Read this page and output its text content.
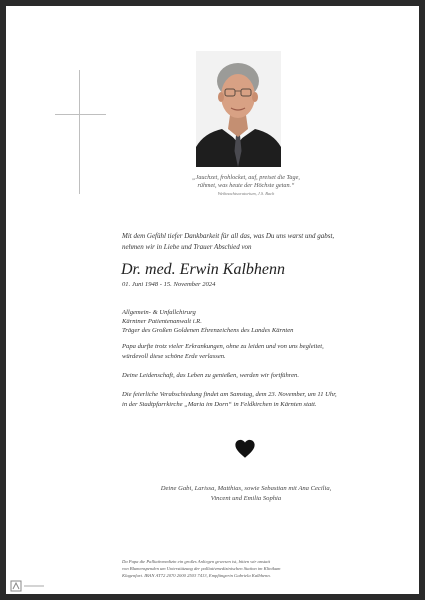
„Jauchzet, frohlocket, auf, preiset die Tage,
rühmet, was heute der Höchste getan.“
Weihnachtsoratorium, J.S. Bach
Mit dem Gefühl tiefer Dankbarkeit für all das, was Du uns warst und gabst,
nehmen wir in Liebe und Trauer Abschied von
Dr. med. Erwin Kalbhenn
01. Juni 1948 - 15. November 2024
Allgemein- & Unfallchirurg
Kärntner Patientenanwalt i.R.
Träger des Großen Goldenen Ehrenzeichens des Landes Kärnten
Papa durfte trotz vieler Erkrankungen, ohne zu leiden und von uns begleitet,
würdevoll diese schöne Erde verlassen.
Deine Leidenschaft, das Leben zu genießen, werden wir fortführen.
Die feierliche Verabschiedung findet am Samstag, dem 23. November, um 11 Uhr,
in der Stadtpfarrkirche „Maria im Dorn“ in Feldkirchen in Kärnten statt.
Deine Gabi, Larissa, Matthias, sowie Sebastian mit Ana Cecilia,
Vincent und Emilia Sophia
Da Papa die Palliativmedizin ein großes Anliegen gewesen ist, bitten wir anstatt
von Blumenspenden um Unterstützung der palliativmedizinischen Station im Klinikum
Klagenfurt. IBAN AT72 2070 2000 2503 7413, Empfängerin Gabriela Kalbhenn.
